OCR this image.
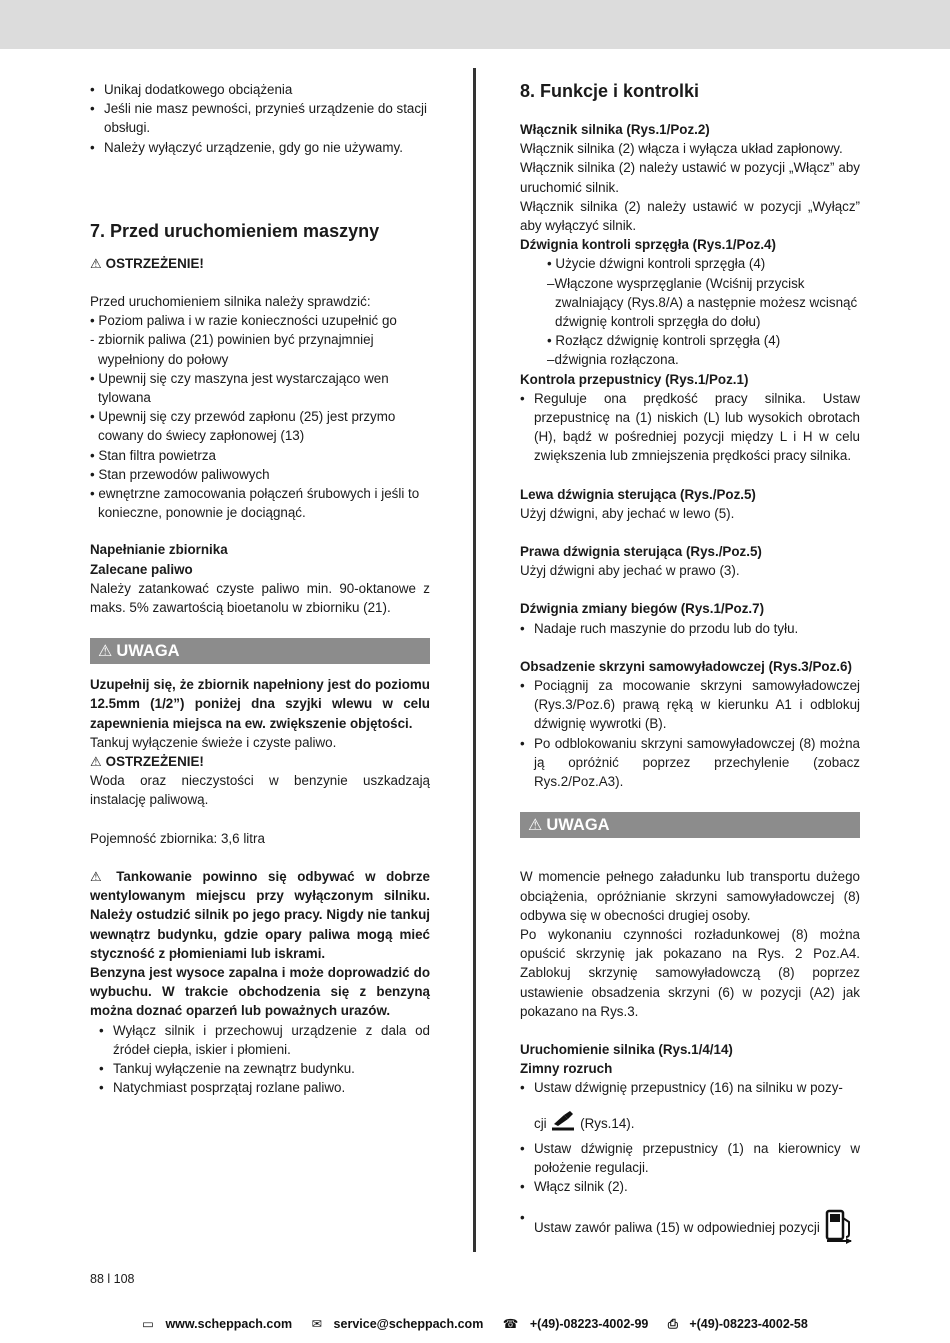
• Unikaj dodatkowego obciążenia
• Jeśli nie masz pewności, przynieś urządzenie do stacji obsługi.
• Należy wyłączyć urządzenie, gdy go nie używamy.
7. Przed uruchomieniem maszyny

⚠ OSTRZEŻENIE!

Przed uruchomieniem silnika należy sprawdzić:

• Poziom paliwa i w razie konieczności uzupełnić go

- zbiornik paliwa (21) powinien być przynajmniej wypełniony do połowy

• Upewnij się czy maszyna jest wystarczająco wen tylowana

• Upewnij się czy przewód zapłonu (25) jest przymo cowany do świecy zapłonowej (13)

• Stan filtra powietrza

• Stan przewodów paliwowych

• ewnętrzne zamocowania połączeń śrubowych i jeśli to konieczne, ponownie je dociągnąć.

Napełnianie zbiornika

Zalecane paliwo

Należy zatankować czyste paliwo min. 90-oktanowe z maks. 5% zawartością bioetanolu w zbiorniku (21).

⚠ UWAGA

Uzupełnij się, że zbiornik napełniony jest do poziomu 12.5mm (1/2”) poniżej dna szyjki wlewu w celu zapewnienia miejsca na ew. zwiększenie objętości.

Tankuj wyłączenie świeże i czyste paliwo.

⚠ OSTRZEŻENIE!

Woda oraz nieczystości w benzynie uszkadzają instalację paliwową.

Pojemność zbiornika: 3,6 litra

⚠ Tankowanie powinno się odbywać w dobrze wentylowanym miejscu przy wyłączonym silniku. Należy ostudzić silnik po jego pracy. Nigdy nie tankuj wewnątrz budynku, gdzie opary paliwa mogą mieć styczność z płomieniami lub iskrami.

Benzyna jest wysoce zapalna i może doprowadzić do wybuchu. W trakcie obchodzenia się z benzyną można doznać oparzeń lub poważnych urazów.

• Wyłącz silnik i przechowuj urządzenie z dala od źródeł ciepła, iskier i płomieni.
• Tankuj wyłączenie na zewnątrz budynku.
• Natychmiast posprzątaj rozlane paliwo.
8. Funkcje i kontrolki

Włącznik silnika (Rys.1/Poz.2)

Włącznik silnika (2) włącza i wyłącza układ zapłonowy.

Włącznik silnika (2) należy ustawić w pozycji „Włącz” aby uruchomić silnik.

Włącznik silnika (2) należy ustawić w pozycji „Wyłącz” aby wyłączyć silnik.

Dźwignia kontroli sprzęgła (Rys.1/Poz.4)

• Użycie dźwigni kontroli sprzęgła (4)

–Włączone wysprzęglanie (Wciśnij przycisk zwalniający (Rys.8/A) a następnie możesz wcisnąć dźwignię kontroli sprzęgła do dołu)

• Rozłącz dźwignię kontroli sprzęgła (4)

–dźwignia rozłączona.

Kontrola przepustnicy (Rys.1/Poz.1)

• Reguluje ona prędkość pracy silnika. Ustaw przepustnicę na (1) niskich (L) lub wysokich obrotach (H), bądź w pośredniej pozycji między L i H w celu zwiększenia lub zmniejszenia prędkości pracy silnika.

Lewa dźwignia sterująca (Rys./Poz.5)

Użyj dźwigni, aby jechać w lewo (5).

Prawa dźwignia sterująca (Rys./Poz.5)

Użyj dźwigni aby jechać w prawo (3).

Dźwignia zmiany biegów (Rys.1/Poz.7)

• Nadaje ruch maszynie do przodu lub do tyłu.

Obsadzenie skrzyni samowyładowczej (Rys.3/Poz.6)

• Pociągnij za mocowanie skrzyni samowyładowczej (Rys.3/Poz.6) prawą ręką w kierunku A1 i odblokuj dźwignię wywrotki (B).
• Po odblokowaniu skrzyni samowyładowczej (8) można ją opróżnić poprzez przechylenie (zobacz Rys.2/Poz.A3).
⚠ UWAGA

W momencie pełnego załadunku lub transportu dużego obciążenia, opróżnianie skrzyni samowyładowczej (8) odbywa się w obecności drugiej osoby.

Po wykonaniu czynności rozładunkowej (8) można opuścić skrzynię jak pokazano na Rys. 2 Poz.A4. Zablokuj skrzynię samowyładowczą (8) poprzez ustawienie obsadzenia skrzyni (6) w pozycji (A2) jak pokazano na Rys.3.

Uruchomienie silnika (Rys.1/4/14)

Zimny rozruch

• Ustaw dźwignię przepustnicy (16) na silniku w pozy-
cji (Rys.14).
• Ustaw dźwignię przepustnicy (1) na kierownicy w położenie regulacji.
• Włącz silnik (2).
• Ustaw zawór paliwa (15) w odpowiedniej pozycji
88 l 108
▭ www.scheppach.com ✉ service@scheppach.com ☎ +(49)-08223-4002-99 ⎙ +(49)-08223-4002-58
